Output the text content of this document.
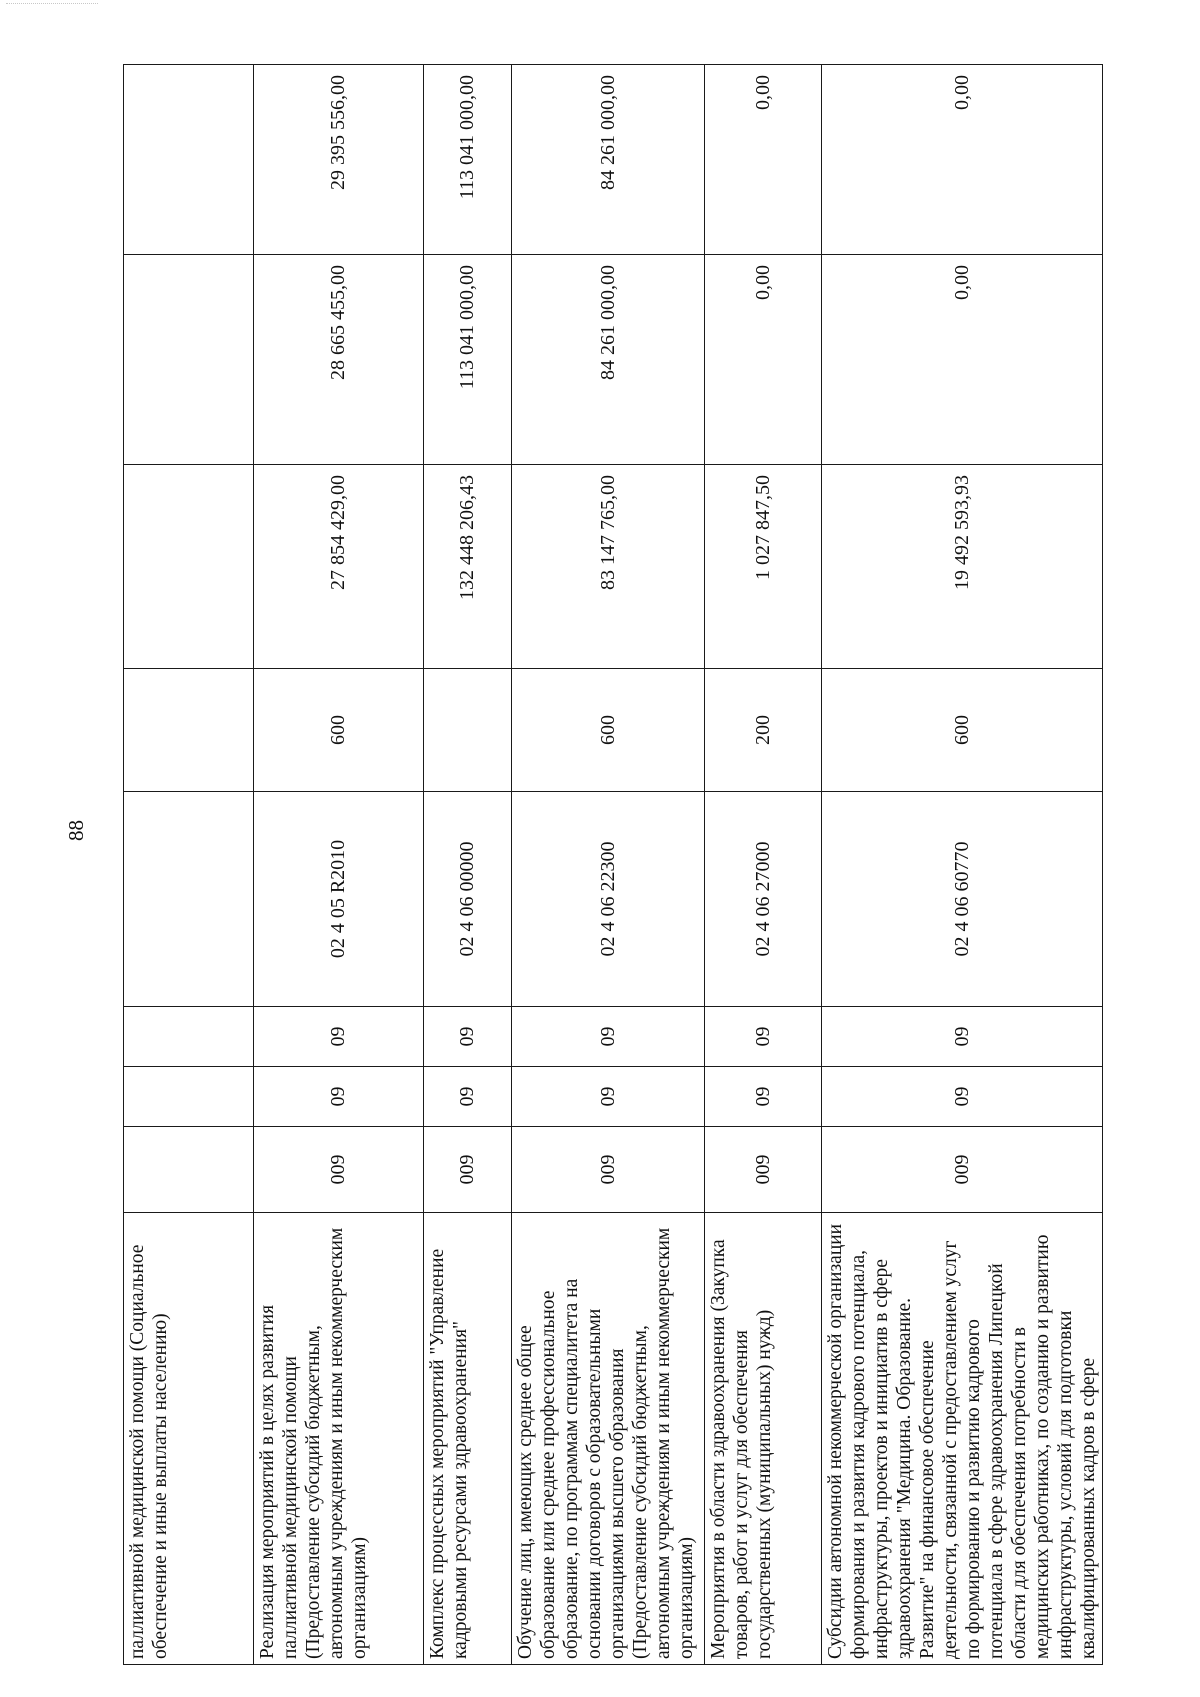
88
паллиативной медицинской помощи (Социальное обеспечение и иные выплаты населению)								
Реализация мероприятий в целях развития паллиативной медицинской помощи (Предоставление субсидий бюджетным, автономным учреждениям и иным некоммерческим организациям)	009	09	09	02 4 05 R2010	600	27 854 429,00	28 665 455,00	29 395 556,00
Комплекс процессных мероприятий "Управление кадровыми ресурсами здравоохранения"	009	09	09	02 4 06 00000		132 448 206,43	113 041 000,00	113 041 000,00
Обучение лиц, имеющих среднее общее образование или среднее профессиональное образование, по программам специалитета на основании договоров с образовательными организациями высшего образования (Предоставление субсидий бюджетным, автономным учреждениям и иным некоммерческим организациям)	009	09	09	02 4 06 22300	600	83 147 765,00	84 261 000,00	84 261 000,00
Мероприятия в области здравоохранения (Закупка товаров, работ и услуг для обеспечения государственных (муниципальных) нужд)	009	09	09	02 4 06 27000	200	1 027 847,50	0,00	0,00
Субсидии автономной некоммерческой организации формирования и развития кадрового потенциала, инфраструктуры, проектов и инициатив в сфере здравоохранения "Медицина. Образование. Развитие" на финансовое обеспечение деятельности, связанной с предоставлением услуг по формированию и развитию кадрового потенциала в сфере здравоохранения Липецкой области для обеспечения потребности в медицинских работниках, по созданию и развитию инфраструктуры, условий для подготовки квалифицированных кадров в сфере	009	09	09	02 4 06 60770	600	19 492 593,93	0,00	0,00
